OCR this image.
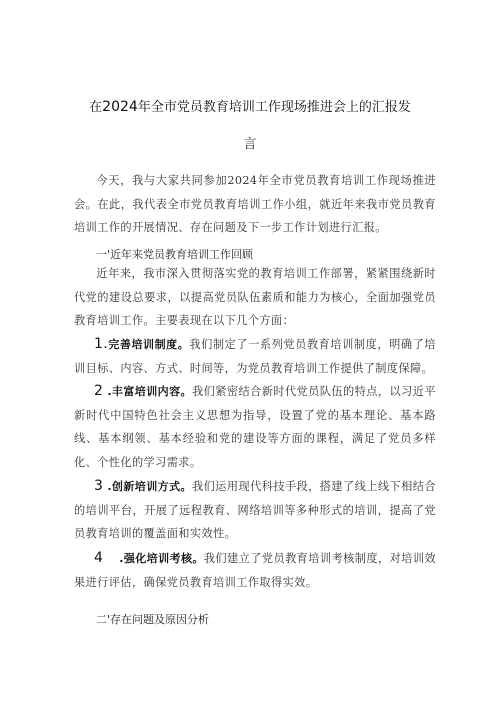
在2024年全市党员教育培训工作现场推进会上的汇报发
言
今天，我与大家共同参加2024年全市党员教育培训工作现场推进会。在此，我代表全市党员教育培训工作小组，就近年来我市党员教育培训工作的开展情况、存在问题及下一步工作计划进行汇报。
一'近年来党员教育培训工作回顾
近年来，我市深入贯彻落实党的教育培训工作部署，紧紧围绕新时代党的建设总要求，以提高党员队伍素质和能力为核心，全面加强党员教育培训工作。主要表现在以下几个方面：
1.完善培训制度。我们制定了一系列党员教育培训制度，明确了培训目标、内容、方式、时间等，为党员教育培训工作提供了制度保障。
2 .丰富培训内容。我们紧密结合新时代党员队伍的特点，以习近平新时代中国特色社会主义思想为指导，设置了党的基本理论、基本路线、基本纲领、基本经验和党的建设等方面的课程，满足了党员多样化、个性化的学习需求。
3 .创新培训方式。我们运用现代科技手段，搭建了线上线下相结合的培训平台，开展了远程教育、网络培训等多种形式的培训，提高了党员教育培训的覆盖面和实效性。
4 .强化培训考核。我们建立了党员教育培训考核制度，对培训效果进行评估，确保党员教育培训工作取得实效。
二'存在问题及原因分析
